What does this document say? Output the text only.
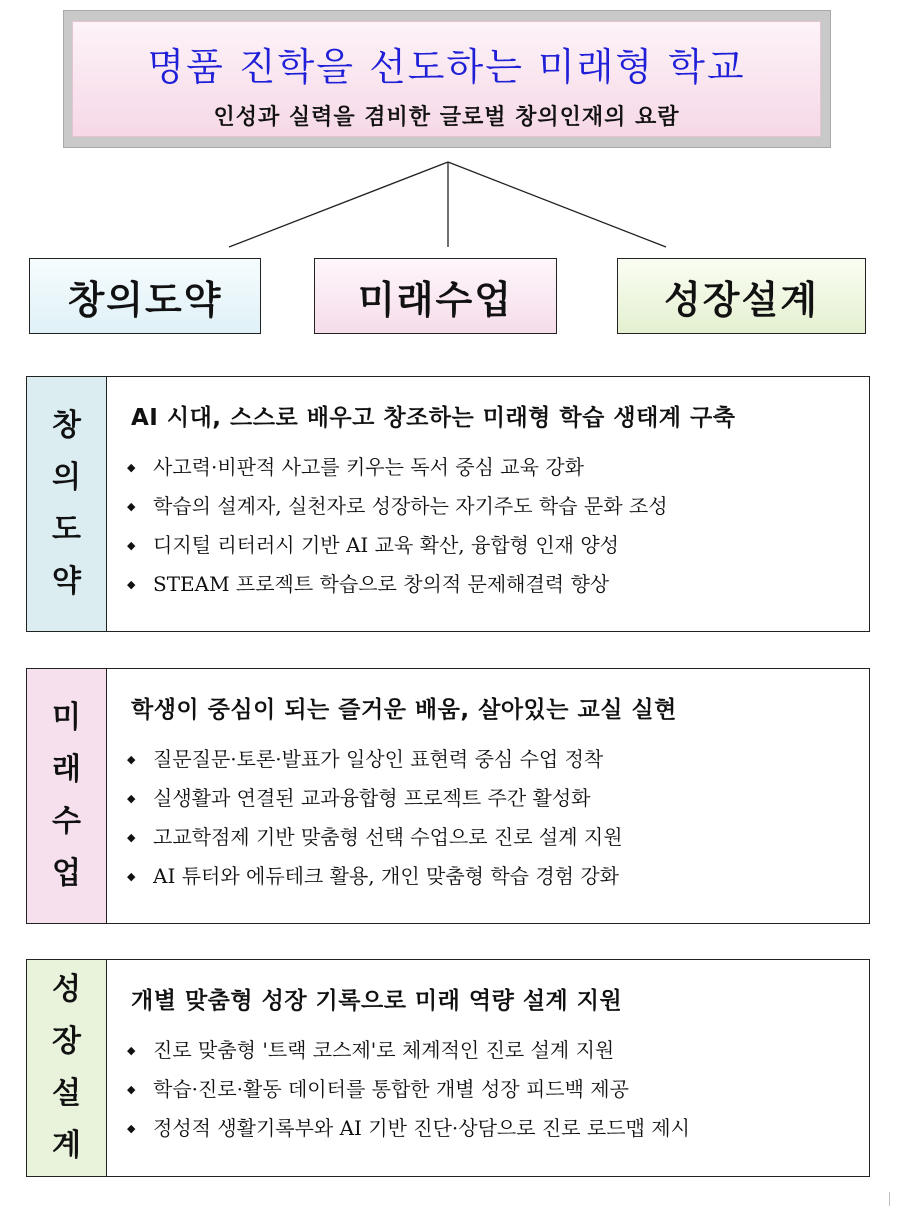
명품 진학을 선도하는 미래형 학교
인성과 실력을 겸비한 글로벌 창의인재의 요람
창의도약	미래수업	성장설계
창
의
도
약
AI 시대, 스스로 배우고 창조하는 미래형 학습 생태계 구축
◆ 사고력·비판적 사고를 키우는 독서 중심 교육 강화
◆ 학습의 설계자, 실천자로 성장하는 자기주도 학습 문화 조성
◆ 디지털 리터러시 기반 AI 교육 확산, 융합형 인재 양성
◆ STEAM 프로젝트 학습으로 창의적 문제해결력 향상
미
래
수
업
학생이 중심이 되는 즐거운 배움, 살아있는 교실 실현
◆ 질문질문·토론·발표가 일상인 표현력 중심 수업 정착
◆ 실생활과 연결된 교과융합형 프로젝트 주간 활성화
◆ 고교학점제 기반 맞춤형 선택 수업으로 진로 설계 지원
◆ AI 튜터와 에듀테크 활용, 개인 맞춤형 학습 경험 강화
성
장
설
계
개별 맞춤형 성장 기록으로 미래 역량 설계 지원
◆ 진로 맞춤형 '트랙 코스제'로 체계적인 진로 설계 지원
◆ 학습·진로·활동 데이터를 통합한 개별 성장 피드백 제공
◆ 정성적 생활기록부와 AI 기반 진단·상담으로 진로 로드맵 제시
